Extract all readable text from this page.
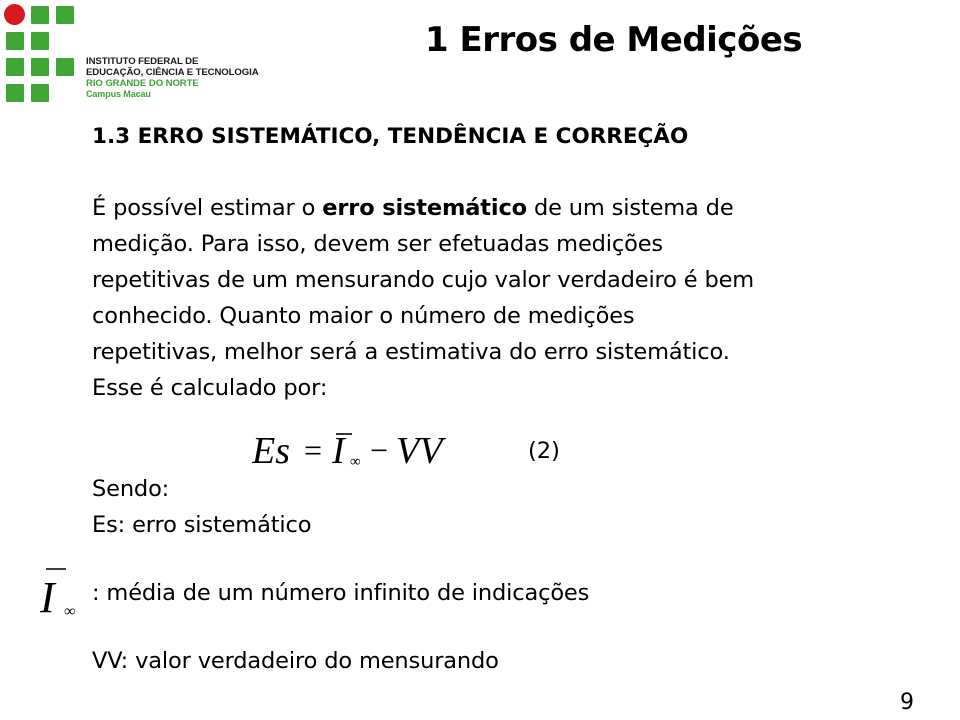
INSTITUTO FEDERAL DE
EDUCAÇÃO, CIÊNCIA E TECNOLOGIA
RIO GRANDE DO NORTE
Campus Macau
1 Erros de Medições
1.3 ERRO SISTEMÁTICO, TENDÊNCIA E CORREÇÃO
É possível estimar o erro sistemático de um sistema de
medição. Para isso, devem ser efetuadas medições
repetitivas de um mensurando cujo valor verdadeiro é bem
conhecido. Quanto maior o número de medições
repetitivas, melhor será a estimativa do erro sistemático.
Esse é calculado por:
Es = I ∞ − VV	(2)
Sendo:
Es: erro sistemático
I ∞
: média de um número infinito de indicações
VV: valor verdadeiro do mensurando
9
